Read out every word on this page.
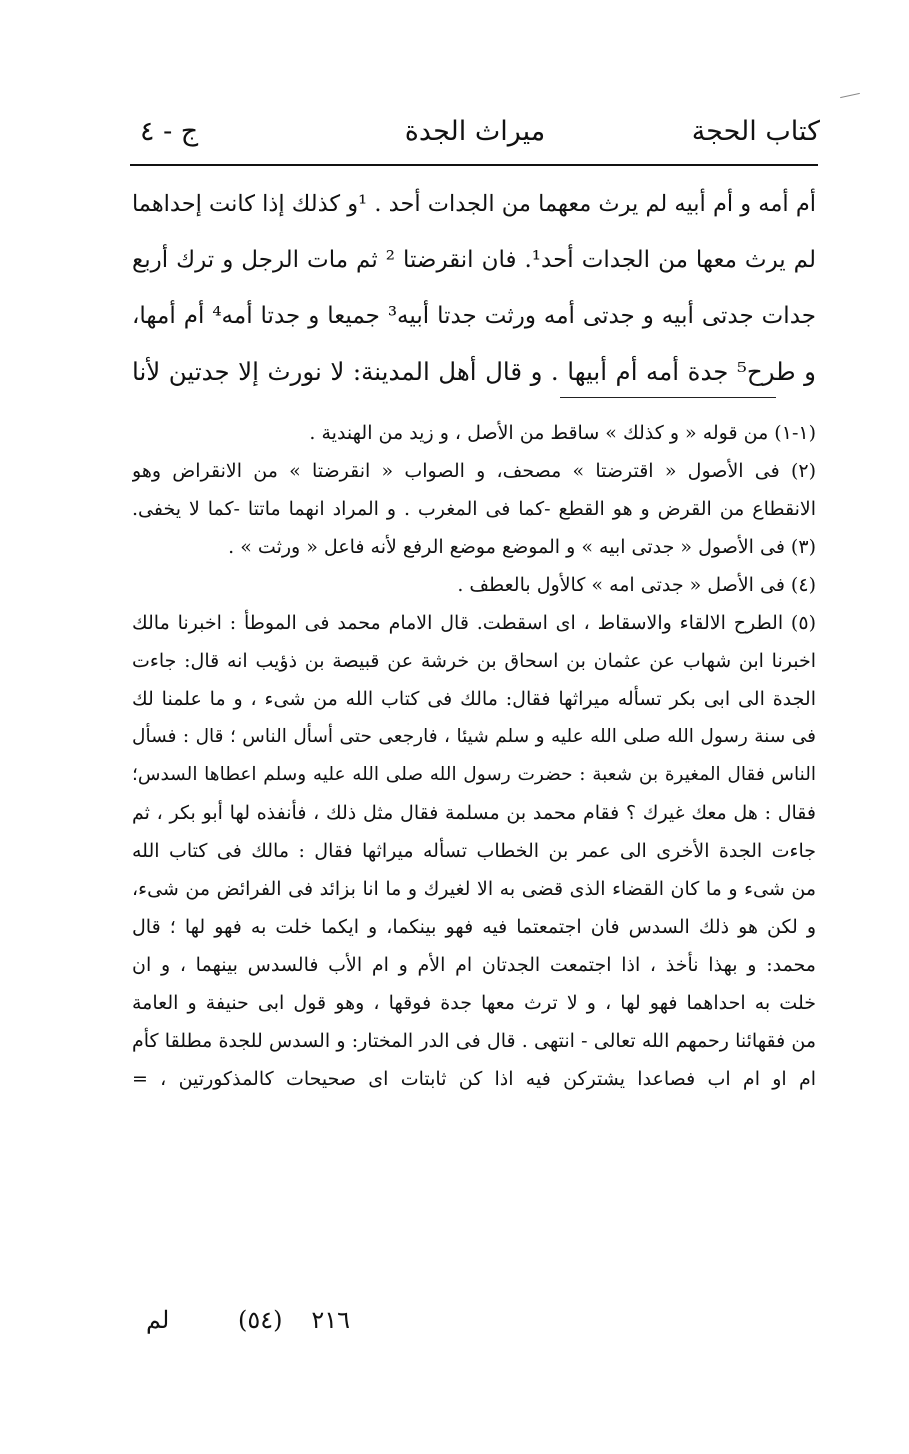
كتاب الحجة
ميراث الجدة
ج - ٤
أم أمه و أم أبيه لم يرث معهما من الجدات أحد . ¹و كذلك إذا كانت إحداهما
لم يرث معها من الجدات أحد¹. فان انقرضتا ² ثم مات الرجل و ترك أربع
جدات جدتى أبيه و جدتى أمه ورثت جدتا أبيه³ جميعا و جدتا أمه⁴ أم أمها،
و طرح⁵ جدة أمه أم أبيها . و قال أهل المدينة: لا نورث إلا جدتين لأنا
(١-١) من قوله « و كذلك » ساقط من الأصل ، و زيد من الهندية .
(٢) فى الأصول « اقترضتا » مصحف، و الصواب « انقرضتا » من الانقراض وهو
الانقطاع من القرض و هو القطع -كما فى المغرب . و المراد انهما ماتتا -كما لا يخفى.
(٣) فى الأصول « جدتى ابيه » و الموضع موضع الرفع لأنه فاعل « ورثت » .
(٤) فى الأصل « جدتى امه » كالأول بالعطف .
(٥) الطرح الالقاء والاسقاط ، اى اسقطت. قال الامام محمد فى الموطأ : اخبرنا مالك
اخبرنا ابن شهاب عن عثمان بن اسحاق بن خرشة عن قبيصة بن ذؤيب انه قال: جاءت
الجدة الى ابى بكر تسأله ميراثها فقال: مالك فى كتاب الله من شىء ، و ما علمنا لك
فى سنة رسول الله صلى الله عليه و سلم شيئا ، فارجعى حتى أسأل الناس ؛ قال : فسأل
الناس فقال المغيرة بن شعبة : حضرت رسول الله صلى الله عليه وسلم اعطاها السدس؛
فقال : هل معك غيرك ؟ فقام محمد بن مسلمة فقال مثل ذلك ، فأنفذه لها أبو بكر ، ثم
جاءت الجدة الأخرى الى عمر بن الخطاب تسأله ميراثها فقال : مالك فى كتاب الله
من شىء و ما كان القضاء الذى قضى به الا لغيرك و ما انا بزائد فى الفرائض من شىء،
و لكن هو ذلك السدس فان اجتمعتما فيه فهو بينكما، و ايكما خلت به فهو لها ؛ قال
محمد: و بهذا نأخذ ، اذا اجتمعت الجدتان ام الأم و ام الأب فالسدس بينهما ، و ان
خلت به احداهما فهو لها ، و لا ترث معها جدة فوقها ، وهو قول ابى حنيفة و العامة
من فقهائنا رحمهم الله تعالى - انتهى . قال فى الدر المختار: و السدس للجدة مطلقا كأم
ام او ام اب فصاعدا يشتركن فيه اذا كن ثابتات اى صحيحات كالمذكورتين ، =
٢١٦
(٥٤)
لم
